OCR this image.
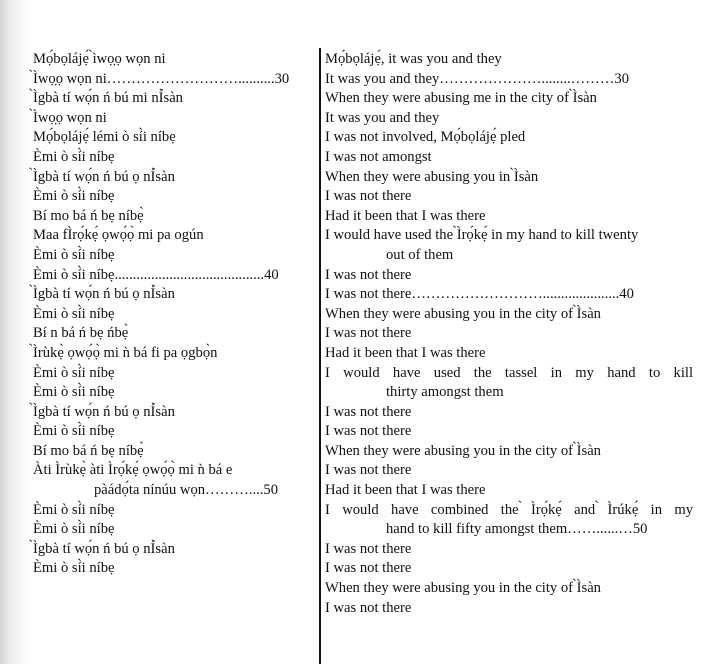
Mọ́bọlájẹ́ ̀ìwọ̣ọ wọn ni
̀Ìwọ̣ọ wọn ni………………………..........30
̀Ìgbà tí wọ́n ń bú mi nÍ̀sàn
̀Ìwọ̣ọ wọn ni
Mọ́bọlájẹ́ lémi ò sí̀i níbẹ
Èmi ò sí̀i níbẹ
̀Ìgbà tí wọ́n ń bú ọ nÍ̀sàn
Èmi ò sí̀i níbẹ
Bí mo bá ń bẹ níbẹ̀
Maa fÌrọ́kẹ́ ọwọ́ọ̀ mi pa ogún
Èmi ò sí̀i níbẹ
Èmi ò sí̀i níbẹ.........................................40
̀Ìgbà tí wọ́n ń bú ọ nÍ̀sàn
Èmi ò sí̀i níbẹ
Bí n bá ń bẹ ńbẹ̀
̀Ìrùkẹ̀ ọwọ́ọ̀ mi ǹ bá fi pa ọgbọ̀n
Èmi ò sí̀i níbẹ
Èmi ò sí̀i níbẹ
̀Ìgbà tí wọ́n ń bú ọ nÍ̀sàn
Èmi ò sí̀i níbẹ
Bí mo bá ń bẹ níbẹ̀
Àti Ìrùkẹ̀ àti Ìrọ́kẹ́ ọwọ́ọ̀ mi ǹ bá e
pàádọ́ta nínúu wọn………....50
Èmi ò sí̀i níbẹ
Èmi ò sí̀i níbẹ
̀Ìgbà tí wọ́n ń bú ọ nÍ̀sàn
Èmi ò sí̀i níbẹ
Mọ́bọlájẹ́, it was you and they
It was you and they…………………........………30
When they were abusing me in the city of ̀Ìsàn
It was you and they
I was not involved, Mọ́bọlájẹ́ pled
I was not amongst
When they were abusing you in ̀Ìsàn
I was not there
Had it been that I was there
I would have used the ̀Ìrọ́kẹ́ in my hand to kill twenty
out of them
I was not there
I was not there……………………….....................40
When they were abusing you in the city of ̀Ìsàn
I was not there
Had it been that I was there
I would have used the tassel in my hand to kill
thirty amongst them
I was not there
I was not there
When they were abusing you in the city of ̀Ìsàn
I was not there
Had it been that I was there
I would have combined the ̀Ìrọ́kẹ́ and ̀Ìrúkẹ́ in my
hand to kill fifty amongst them……......…50
I was not there
I was not there
When they were abusing you in the city of ̀Ìsàn
I was not there
